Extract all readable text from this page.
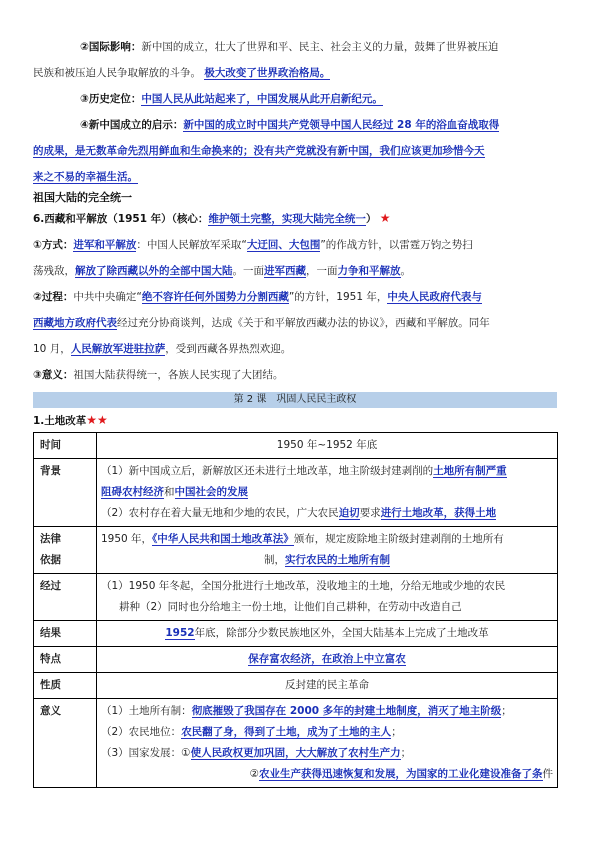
②国际影响：新中国的成立，壮大了世界和平、民主、社会主义的力量，鼓舞了世界被压迫
民族和被压迫人民争取解放的斗争。 极大改变了世界政治格局。
③历史定位：中国人民从此站起来了，中国发展从此开启新纪元。
④新中国成立的启示：新中国的成立时中国共产党领导中国人民经过 28 年的浴血奋战取得
的成果，是无数革命先烈用鲜血和生命换来的；没有共产党就没有新中国，我们应该更加珍惜今天
来之不易的幸福生活。
祖国大陆的完全统一
6.西藏和平解放（1951 年）（核心：维护领土完整，实现大陆完全统一） ★
①方式：进军和平解放：中国人民解放军采取“大迂回、大包围”的作战方针，以雷霆万钧之势扫
荡残敌，解放了除西藏以外的全部中国大陆。一面进军西藏，一面力争和平解放。
②过程：中共中央确定“绝不容许任何外国势力分割西藏”的方针，1951 年，中央人民政府代表与
西藏地方政府代表经过充分协商谈判，达成《关于和平解放西藏办法的协议》，西藏和平解放。同年
10 月，人民解放军进驻拉萨，受到西藏各界热烈欢迎。
③意义：祖国大陆获得统一，各族人民实现了大团结。
第 2 课　巩固人民民主政权
1.土地改革★★
时间	1950 年~1952 年底
背景	（1）新中国成立后，新解放区还未进行土地改革，地主阶级封建剥削的土地所有制严重
阻碍农村经济和中国社会的发展
（2）农村存在着大量无地和少地的农民，广大农民迫切要求进行土地改革，获得土地

法律
依据	1950 年，《中华人民共和国土地改革法》颁布，规定废除地主阶级封建剥削的土地所有
制，实行农民的土地所有制

经过	（1）1950 年冬起，全国分批进行土地改革，没收地主的土地，分给无地或少地的农民
耕种（2）同时也分给地主一份土地，让他们自己耕种，在劳动中改造自己

结果	1952年底，除部分少数民族地区外，全国大陆基本上完成了土地改革
特点	保存富农经济，在政治上中立富农
性质	反封建的民主革命
意义	（1）土地所有制：彻底摧毁了我国存在 2000 多年的封建土地制度，消灭了地主阶级；
（2）农民地位：农民翻了身，得到了土地，成为了土地的主人；
（3）国家发展：①使人民政权更加巩固，大大解放了农村生产力；
②农业生产获得迅速恢复和发展，为国家的工业化建设准备了条件
